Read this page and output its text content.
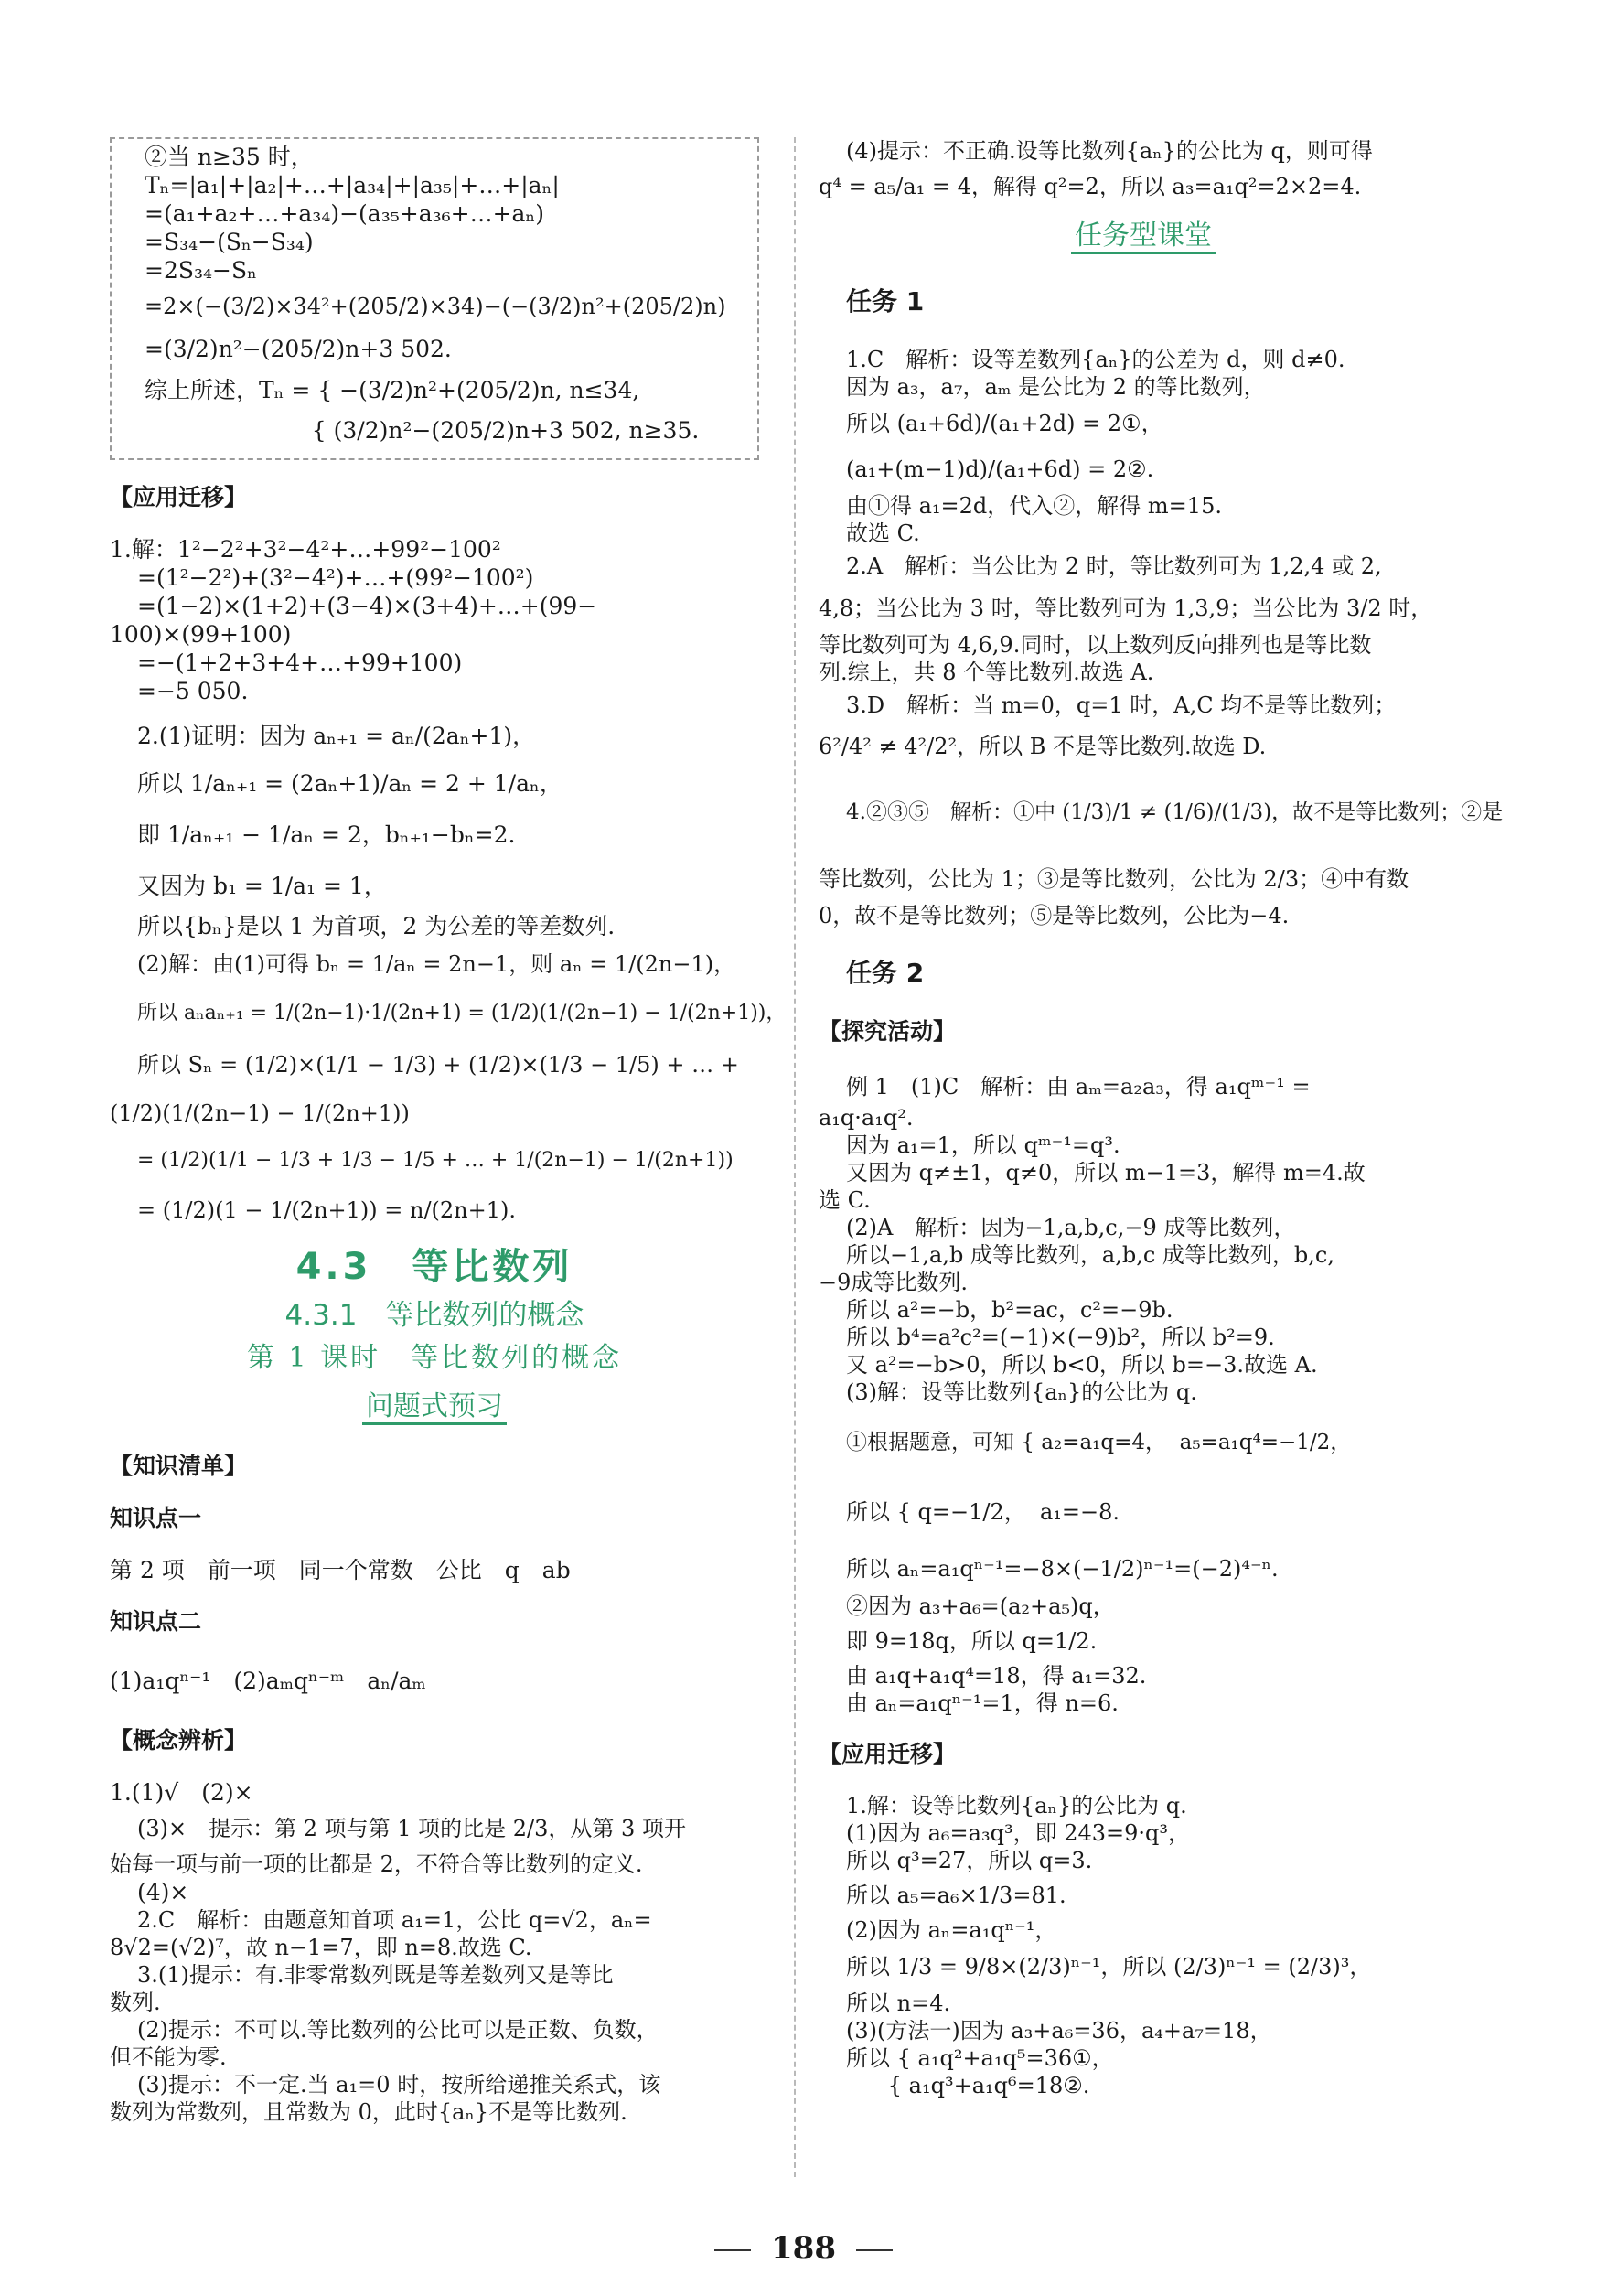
②当 n≥35 时，

Tₙ=|a₁|+|a₂|+…+|a₃₄|+|a₃₅|+…+|aₙ|

=(a₁+a₂+…+a₃₄)−(a₃₅+a₃₆+…+aₙ)

=S₃₄−(Sₙ−S₃₄)

=2S₃₄−Sₙ

=2×(−(3/2)×34²+(205/2)×34)−(−(3/2)n²+(205/2)n)

=(3/2)n²−(205/2)n+3 502.

综上所述，Tₙ = { −(3/2)n²+(205/2)n, n≤34,

{ (3/2)n²−(205/2)n+3 502, n≥35.

【应用迁移】

1.解：1²−2²+3²−4²+…+99²−100²

=(1²−2²)+(3²−4²)+…+(99²−100²)

=(1−2)×(1+2)+(3−4)×(3+4)+…+(99−

100)×(99+100)

=−(1+2+3+4+…+99+100)

=−5 050.

2.(1)证明：因为 aₙ₊₁ = aₙ/(2aₙ+1)，

所以 1/aₙ₊₁ = (2aₙ+1)/aₙ = 2 + 1/aₙ，

即 1/aₙ₊₁ − 1/aₙ = 2，bₙ₊₁−bₙ=2.

又因为 b₁ = 1/a₁ = 1，

所以{bₙ}是以 1 为首项，2 为公差的等差数列.

(2)解：由(1)可得 bₙ = 1/aₙ = 2n−1，则 aₙ = 1/(2n−1)，

所以 aₙaₙ₊₁ = 1/(2n−1)·1/(2n+1) = (1/2)(1/(2n−1) − 1/(2n+1))，

所以 Sₙ = (1/2)×(1/1 − 1/3) + (1/2)×(1/3 − 1/5) + … +

(1/2)(1/(2n−1) − 1/(2n+1))

= (1/2)(1/1 − 1/3 + 1/3 − 1/5 + … + 1/(2n−1) − 1/(2n+1))

= (1/2)(1 − 1/(2n+1)) = n/(2n+1).

4.3　等比数列
4.3.1　等比数列的概念
第 1 课时　等比数列的概念
问题式预习

【知识清单】

知识点一

第 2 项　前一项　同一个常数　公比　q　ab

知识点二

(1)a₁qⁿ⁻¹　(2)aₘqⁿ⁻ᵐ　aₙ/aₘ

【概念辨析】

1.(1)√　(2)×

(3)×　提示：第 2 项与第 1 项的比是 2/3，从第 3 项开

始每一项与前一项的比都是 2，不符合等比数列的定义.

(4)×

2.C　解析：由题意知首项 a₁=1，公比 q=√2，aₙ=

8√2=(√2)⁷，故 n−1=7，即 n=8.故选 C.

3.(1)提示：有.非零常数列既是等差数列又是等比

数列.

(2)提示：不可以.等比数列的公比可以是正数、负数，

但不能为零.

(3)提示：不一定.当 a₁=0 时，按所给递推关系式，该

数列为常数列，且常数为 0，此时{aₙ}不是等比数列.

(4)提示：不正确.设等比数列{aₙ}的公比为 q，则可得

q⁴ = a₅/a₁ = 4，解得 q²=2，所以 a₃=a₁q²=2×2=4.

任务型课堂

任务 1

1.C　解析：设等差数列{aₙ}的公差为 d，则 d≠0.

因为 a₃，a₇，aₘ 是公比为 2 的等比数列，

所以 (a₁+6d)/(a₁+2d) = 2①，

(a₁+(m−1)d)/(a₁+6d) = 2②.

由①得 a₁=2d，代入②，解得 m=15.

故选 C.

2.A　解析：当公比为 2 时，等比数列可为 1,2,4 或 2,

4,8；当公比为 3 时，等比数列可为 1,3,9；当公比为 3/2 时，

等比数列可为 4,6,9.同时，以上数列反向排列也是等比数

列.综上，共 8 个等比数列.故选 A.

3.D　解析：当 m=0，q=1 时，A,C 均不是等比数列；

6²/4² ≠ 4²/2²，所以 B 不是等比数列.故选 D.

4.②③⑤　解析：①中 (1/3)/1 ≠ (1/6)/(1/3)，故不是等比数列；②是

等比数列，公比为 1；③是等比数列，公比为 2/3；④中有数

0，故不是等比数列；⑤是等比数列，公比为−4.

任务 2

【探究活动】

例 1　(1)C　解析：由 aₘ=a₂a₃，得 a₁qᵐ⁻¹ =

a₁q·a₁q².

因为 a₁=1，所以 qᵐ⁻¹=q³.

又因为 q≠±1，q≠0，所以 m−1=3，解得 m=4.故

选 C.

(2)A　解析：因为−1,a,b,c,−9 成等比数列，

所以−1,a,b 成等比数列，a,b,c 成等比数列，b,c,

−9成等比数列.

所以 a²=−b，b²=ac，c²=−9b.

所以 b⁴=a²c²=(−1)×(−9)b²，所以 b²=9.

又 a²=−b>0，所以 b<0，所以 b=−3.故选 A.

(3)解：设等比数列{aₙ}的公比为 q.

①根据题意，可知 { a₂=a₁q=4，  a₅=a₁q⁴=−1/2，

所以 { q=−1/2，  a₁=−8.

所以 aₙ=a₁qⁿ⁻¹=−8×(−1/2)ⁿ⁻¹=(−2)⁴⁻ⁿ.

②因为 a₃+a₆=(a₂+a₅)q，

即 9=18q，所以 q=1/2.

由 a₁q+a₁q⁴=18，得 a₁=32.

由 aₙ=a₁qⁿ⁻¹=1，得 n=6.

【应用迁移】

1.解：设等比数列{aₙ}的公比为 q.

(1)因为 a₆=a₃q³，即 243=9·q³，

所以 q³=27，所以 q=3.

所以 a₅=a₆×1/3=81.

(2)因为 aₙ=a₁qⁿ⁻¹，

所以 1/3 = 9/8×(2/3)ⁿ⁻¹，所以 (2/3)ⁿ⁻¹ = (2/3)³，

所以 n=4.

(3)(方法一)因为 a₃+a₆=36，a₄+a₇=18，

所以 { a₁q²+a₁q⁵=36①，

{ a₁q³+a₁q⁶=18②.

188
